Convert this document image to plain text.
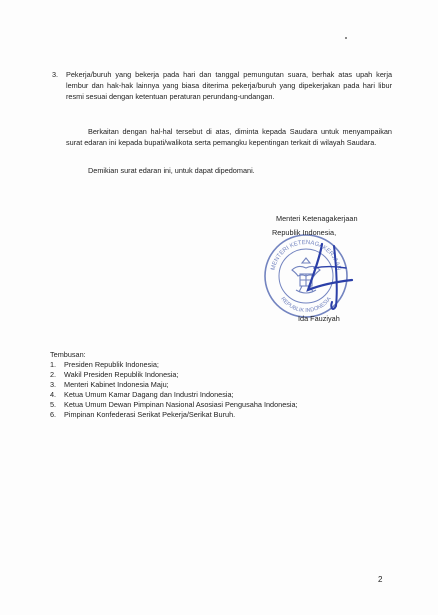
3.	Pekerja/buruh yang bekerja pada hari dan tanggal pemungutan suara, berhak atas upah kerja lembur dan hak-hak lainnya yang biasa diterima pekerja/buruh yang dipekerjakan pada hari libur resmi sesuai dengan ketentuan peraturan perundang-undangan.
Berkaitan dengan hal-hal tersebut di atas, diminta kepada Saudara untuk menyampaikan surat edaran ini kepada bupati/walikota serta pemangku kepentingan terkait di wilayah Saudara.
Demikian surat edaran ini, untuk dapat dipedomani.
Menteri Ketenagakerjaan
MENTERI KETENAGAKERJAAN
REPUBLIK INDONESIA
Republik Indonesia,
Ida Fauziyah
Tembusan:
1.	Presiden Republik Indonesia;
2.	Wakil Presiden Republik Indonesia;
3.	Menteri Kabinet Indonesia Maju;
4.	Ketua Umum Kamar Dagang dan Industri Indonesia;
5.	Ketua Umum Dewan Pimpinan Nasional Asosiasi Pengusaha Indonesia;
6.	Pimpinan Konfederasi Serikat Pekerja/Serikat Buruh.
2
